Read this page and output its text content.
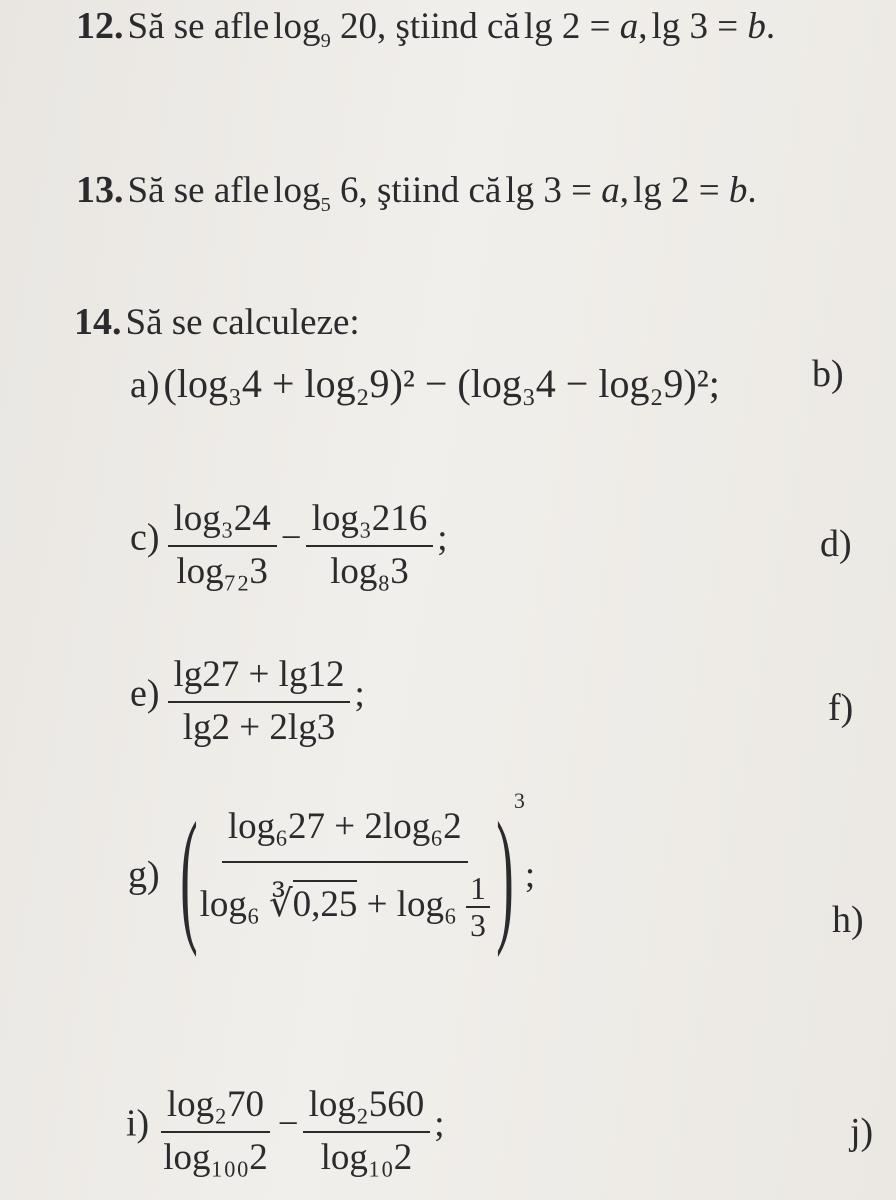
12. Să se afle $\log_9 20$, ştiind că lg 2 = a, lg 3 = b.
13. Să se afle $\log_5 6$, ştiind că lg 3 = a, lg 2 = b.
14. Să se calculeze:
a) (log₃4 + log₂9)² − (log₃4 − log₂9)²; b)
$c) \frac{\text{log₃24}}{\text{log₇₂3}} - \frac{\text{log₃216}}{\text{log₈3}}$ ;	d)
$e) \frac{\lg 27 + \lg 12}{\lg 2 + 2\lg 3}$ ;	f)
g) (
$\frac{\text{log₆27 + 2log₆2}}{\log_6 ∛0,25 + \log_6 \frac{1}{3}} )^3$;
h)
$i) \frac{\text{log₂70}}{\text{log₁₀₀2}} - \frac{\text{log₂560}}{\text{log₁₀2}}$ ;	j)
